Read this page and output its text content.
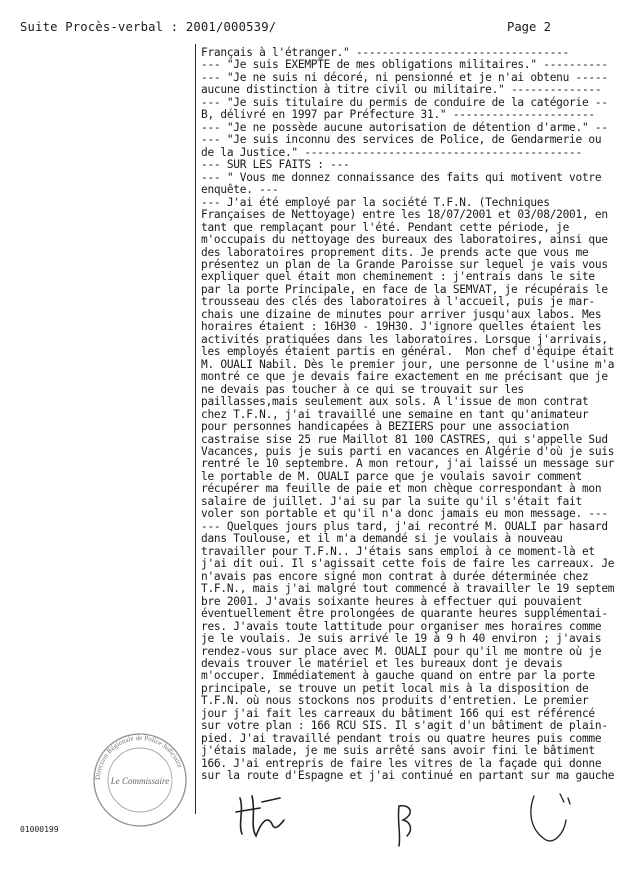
Suite Procès-verbal : 2001/000539/	Page 2
Français à l'étranger." ---------------------------------
--- "Je suis EXEMPTE de mes obligations militaires." ----------
--- "Je ne suis ni décoré, ni pensionné et je n'ai obtenu -----
aucune distinction à titre civil ou militaire." --------------
--- "Je suis titulaire du permis de conduire de la catégorie --
B, délivré en 1997 par Préfecture 31." ----------------------
--- "Je ne possède aucune autorisation de détention d'arme." --
--- "Je suis inconnu des services de Police, de Gendarmerie ou
de la Justice." -------------------------------------------
--- SUR LES FAITS : ---
--- " Vous me donnez connaissance des faits qui motivent votre
enquête. ---
--- J'ai été employé par la société T.F.N. (Techniques
Françaises de Nettoyage) entre les 18/07/2001 et 03/08/2001, en
tant que remplaçant pour l'été. Pendant cette période, je
m'occupais du nettoyage des bureaux des laboratoires, ainsi que
des laboratoires proprement dits. Je prends acte que vous me
présentez un plan de la Grande Paroisse sur lequel je vais vous
expliquer quel était mon cheminement : j'entrais dans le site
par la porte Principale, en face de la SEMVAT, je récupérais le
trousseau des clés des laboratoires à l'accueil, puis je mar-
chais une dizaine de minutes pour arriver jusqu'aux labos. Mes
horaires étaient : 16H30 - 19H30. J'ignore quelles étaient les
activités pratiquées dans les laboratoires. Lorsque j'arrivais,
les employés étaient partis en général.  Mon chef d'équipe était
M. OUALI Nabil. Dès le premier jour, une personne de l'usine m'a
montré ce que je devais faire exactement en me précisant que je
ne devais pas toucher à ce qui se trouvait sur les
paillasses,mais seulement aux sols. A l'issue de mon contrat
chez T.F.N., j'ai travaillé une semaine en tant qu'animateur
pour personnes handicapées à BEZIERS pour une association
castraise sise 25 rue Maillot 81 100 CASTRES, qui s'appelle Sud
Vacances, puis je suis parti en vacances en Algérie d'où je suis
rentré le 10 septembre. A mon retour, j'ai laissé un message sur
le portable de M. OUALI parce que je voulais savoir comment
récupérer ma feuille de paie et mon chèque correspondant à mon
salaire de juillet. J'ai su par la suite qu'il s'était fait
voler son portable et qu'il n'a donc jamais eu mon message. ---
--- Quelques jours plus tard, j'ai recontré M. OUALI par hasard
dans Toulouse, et il m'a demandé si je voulais à nouveau
travailler pour T.F.N.. J'étais sans emploi à ce moment-là et
j'ai dit oui. Il s'agissait cette fois de faire les carreaux. Je
n'avais pas encore signé mon contrat à durée déterminée chez
T.F.N., mais j'ai malgré tout commencé à travailler le 19 septem
bre 2001. J'avais soixante heures à effectuer qui pouvaient
éventuellement être prolongées de quarante heures supplémentai-
res. J'avais toute lattitude pour organiser mes horaires comme
je le voulais. Je suis arrivé le 19 à 9 h 40 environ ; j'avais
rendez-vous sur place avec M. OUALI pour qu'il me montre où je
devais trouver le matériel et les bureaux dont je devais
m'occuper. Immédiatement à gauche quand on entre par la porte
principale, se trouve un petit local mis à la disposition de
T.F.N. où nous stockons nos produits d'entretien. Le premier
jour j'ai fait les carreaux du bâtiment 166 qui est référencé
sur votre plan : 166 RCU SIS. Il s'agit d'un bâtiment de plain-
pied. J'ai travaillé pendant trois ou quatre heures puis comme
j'étais malade, je me suis arrêté sans avoir fini le bâtiment
166. J'ai entrepris de faire les vitres de la façade qui donne
sur la route d'Espagne et j'ai continué en partant sur ma gauche
Direction Régionale de Police Judiciaire
Le Commissaire
01000199
